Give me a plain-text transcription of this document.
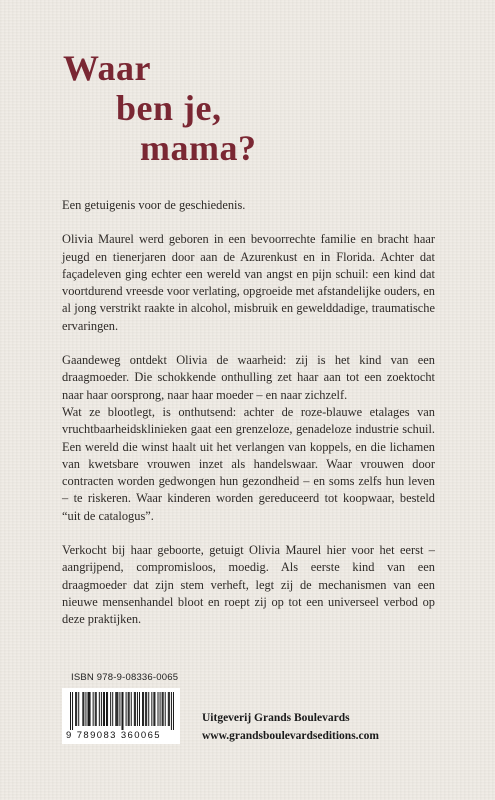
Waar
ben je,
mama?

Een getuigenis voor de geschiedenis.

Olivia Maurel werd geboren in een bevoorrechte familie en bracht haar jeugd en tienerjaren door aan de Azurenkust en in Florida. Achter dat façadeleven ging echter een wereld van angst en pijn schuil: een kind dat voortdurend vreesde voor verlating, opgroeide met afstandelijke ouders, en al jong verstrikt raakte in alcohol, misbruik en gewelddadige, traumatische ervaringen.

Gaandeweg ontdekt Olivia de waarheid: zij is het kind van een draagmoeder. Die schokkende onthulling zet haar aan tot een zoektocht naar haar oorsprong, naar haar moeder – en naar zichzelf.

Wat ze blootlegt, is onthutsend: achter de roze-blauwe etalages van vruchtbaarheidsklinieken gaat een grenzeloze, genadeloze industrie schuil. Een wereld die winst haalt uit het verlangen van koppels, en die lichamen van kwetsbare vrouwen inzet als handelswaar. Waar vrouwen door contracten worden gedwongen hun gezondheid – en soms zelfs hun leven – te riskeren. Waar kinderen worden gereduceerd tot koopwaar, besteld “uit de catalogus”.

Verkocht bij haar geboorte, getuigt Olivia Maurel hier voor het eerst – aangrijpend, compromisloos, moedig. Als eerste kind van een draagmoeder dat zijn stem verheft, legt zij de mechanismen van een nieuwe mensenhandel bloot en roept zij op tot een universeel verbod op deze praktijken.

ISBN 978-9-08336-0065
9 789083 360065
Uitgeverij Grands Boulevards
www.grandsboulevardseditions.com
